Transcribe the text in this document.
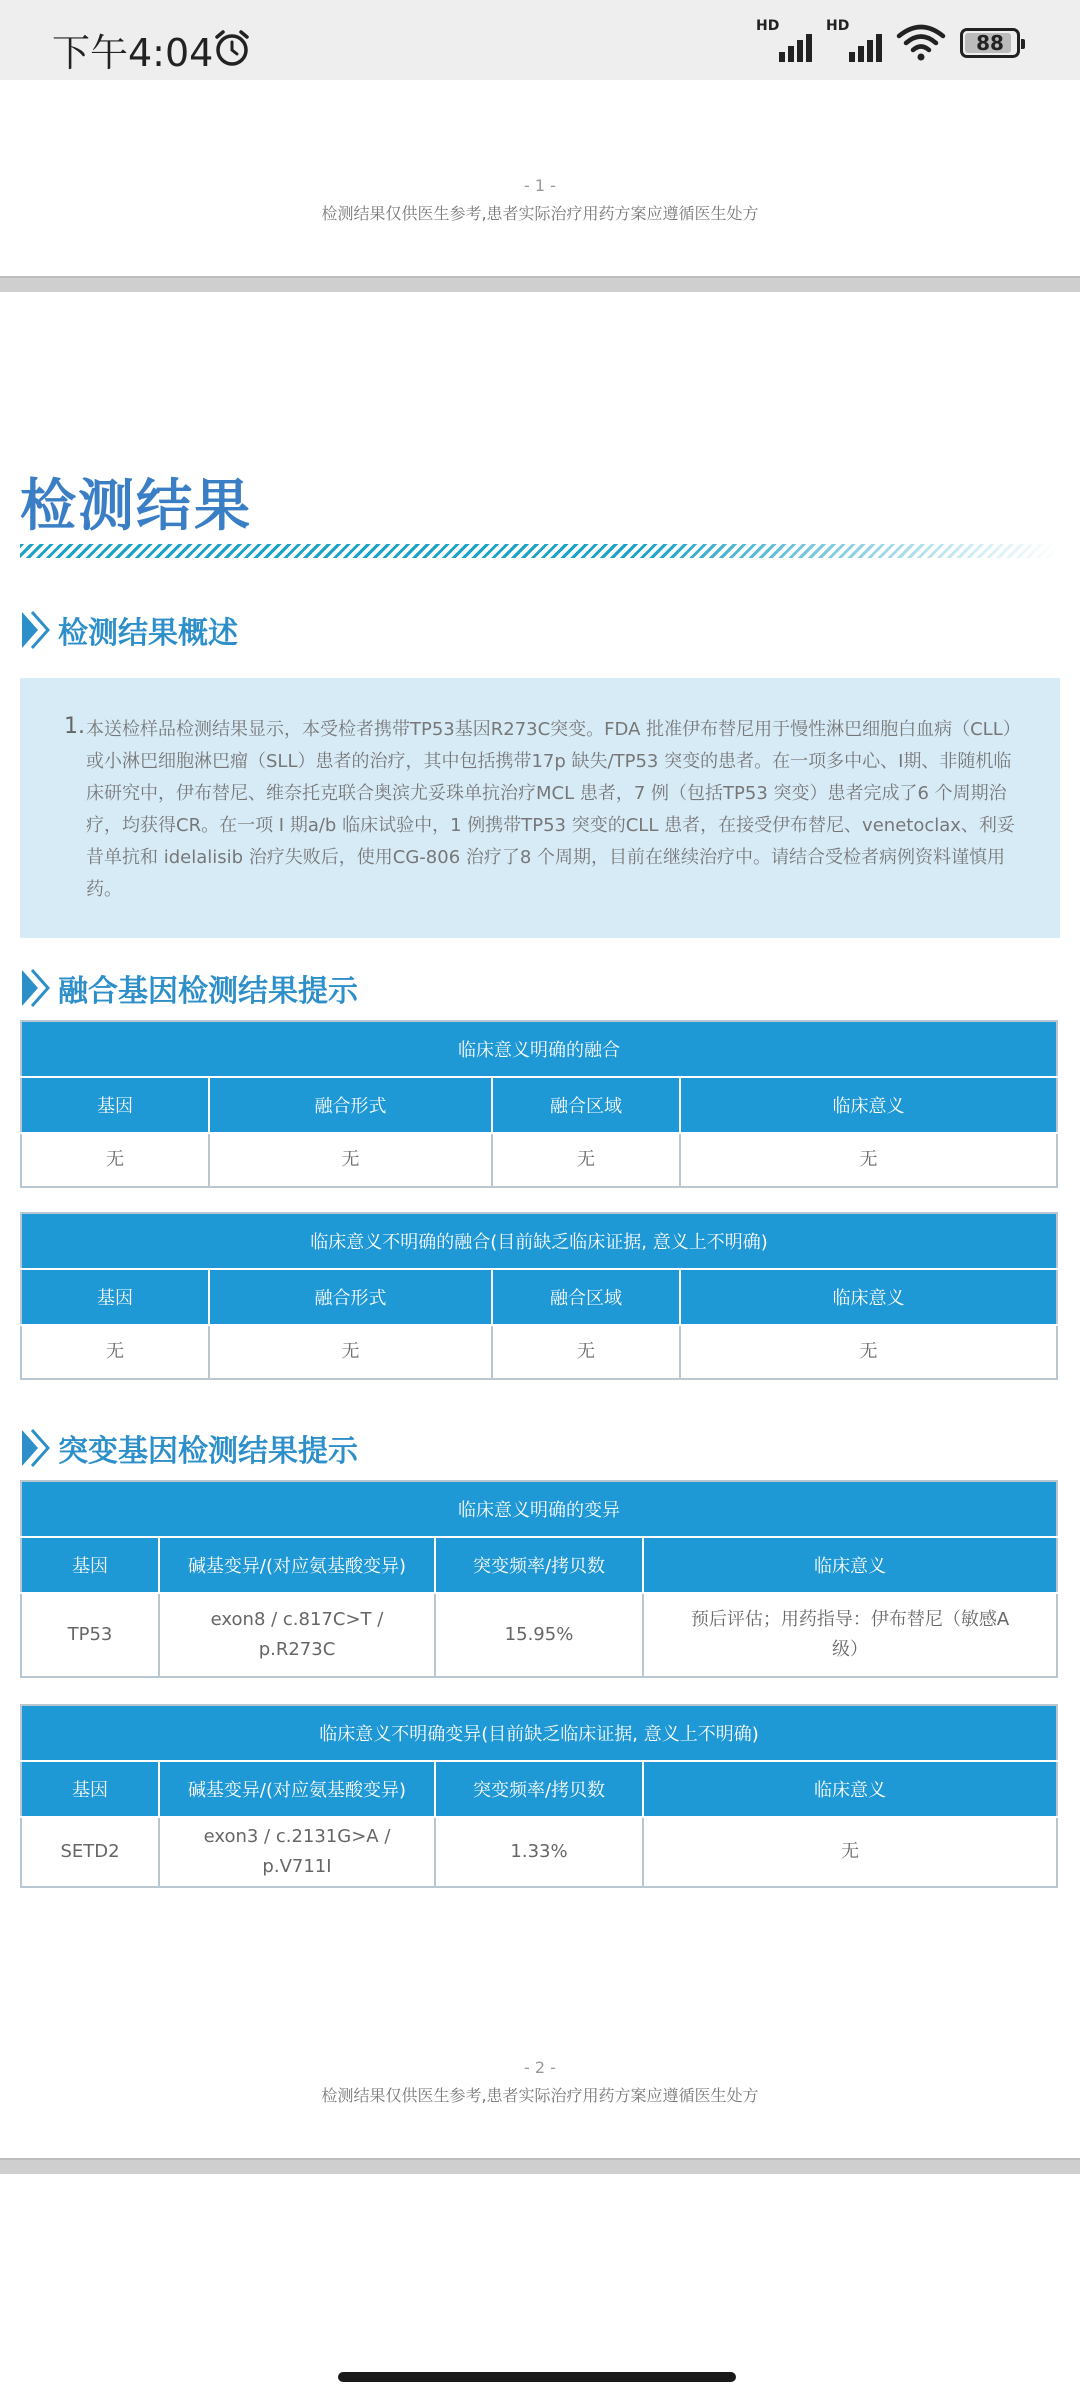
下午4:04
HD	HD
88
- 1 -
检测结果仅供医生参考,患者实际治疗用药方案应遵循医生处方
检测结果
检测结果概述
1. 本送检样品检测结果显示，本受检者携带TP53基因R273C突变。FDA 批准伊布替尼用于慢性淋巴细胞白血病（CLL）或小淋巴细胞淋巴瘤（SLL）患者的治疗，其中包括携带17p 缺失/TP53 突变的患者。在一项多中心、Ⅰ期、非随机临床研究中，伊布替尼、维奈托克联合奥滨尤妥珠单抗治疗MCL 患者，7 例（包括TP53 突变）患者完成了6 个周期治疗，均获得CR。在一项 Ⅰ 期a/b 临床试验中，1 例携带TP53 突变的CLL 患者，在接受伊布替尼、venetoclax、利妥昔单抗和 idelalisib 治疗失败后，使用CG-806 治疗了8 个周期，目前在继续治疗中。请结合受检者病例资料谨慎用药。

融合基因检测结果提示
临床意义明确的融合			
基因	融合形式	融合区域	临床意义
无	无	无	无
临床意义不明确的融合(目前缺乏临床证据, 意义上不明确)			
基因	融合形式	融合区域	临床意义
无	无	无	无
突变基因检测结果提示
临床意义明确的变异			
基因	碱基变异/(对应氨基酸变异)	突变频率/拷贝数	临床意义
TP53	exon8 / c.817C>T / p.R273C	15.95%	预后评估；用药指导：伊布替尼（敏感A级）
临床意义不明确变异(目前缺乏临床证据, 意义上不明确)			
基因	碱基变异/(对应氨基酸变异)	突变频率/拷贝数	临床意义
SETD2	exon3 / c.2131G>A / p.V711I	1.33%	无
- 2 -
检测结果仅供医生参考,患者实际治疗用药方案应遵循医生处方
